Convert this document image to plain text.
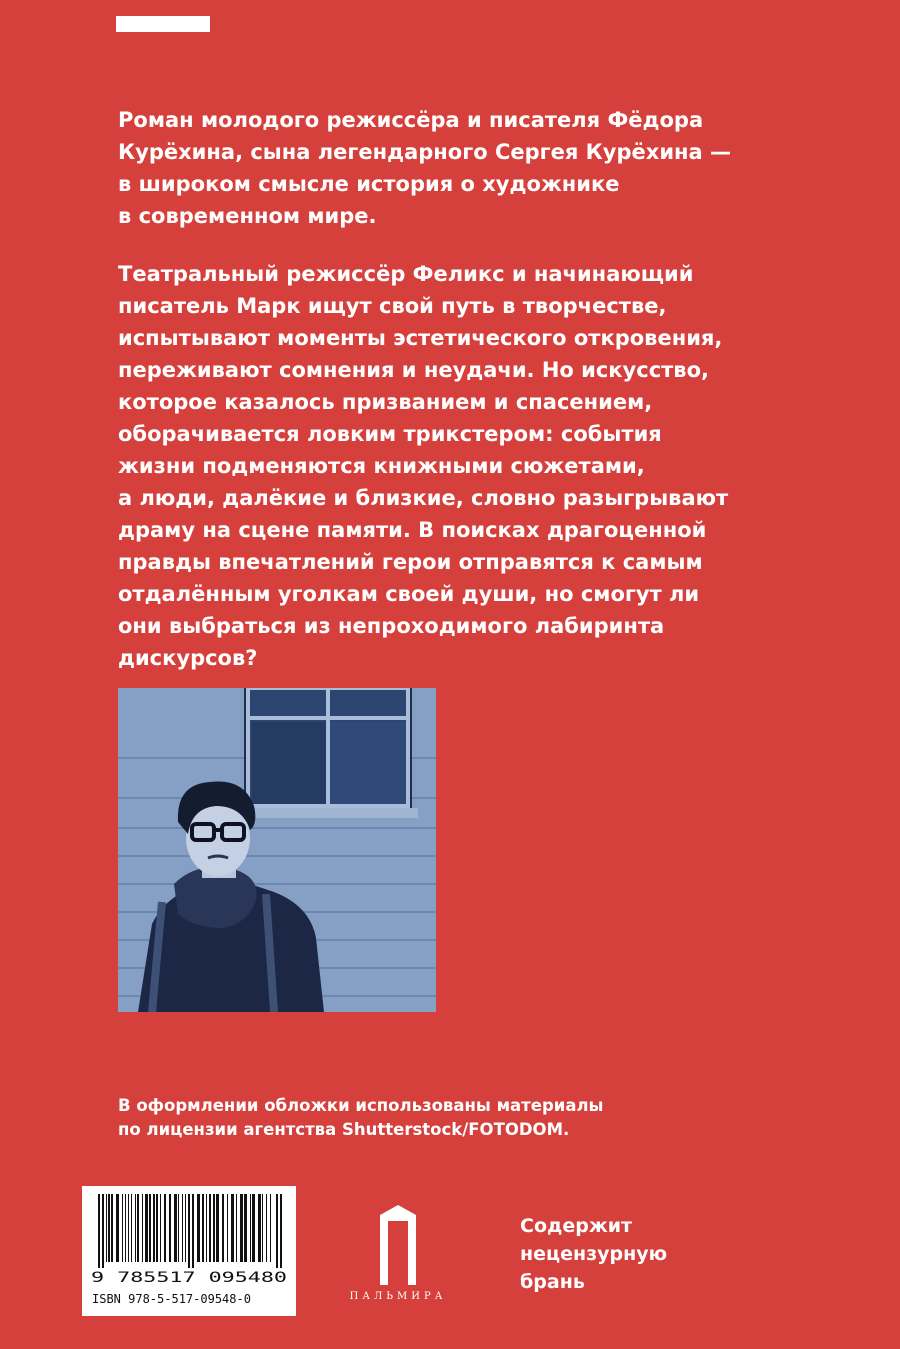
Роман молодого режиссёра и писателя Фёдора
Курёхина, сына легендарного Сергея Курёхина —
в широком смысле история о художнике
в современном мире.

Театральный режиссёр Феликс и начинающий
писатель Марк ищут свой путь в творчестве,
испытывают моменты эстетического откровения,
переживают сомнения и неудачи. Но искусство,
которое казалось призванием и спасением,
оборачивается ловким трикстером: события
жизни подменяются книжными сюжетами,
а люди, далёкие и близкие, словно разыгрывают
драму на сцене памяти. В поисках драгоценной
правды впечатлений герои отправятся к самым
отдалённым уголкам своей души, но смогут ли
они выбраться из непроходимого лабиринта
дискурсов?

В оформлении обложки использованы материалы
по лицензии агентства Shutterstock/FOTODOM.

9 785517 095480
ISBN 978-5-517-09548-0	ПАЛЬМИРА

Содержит
нецензурную
брань
